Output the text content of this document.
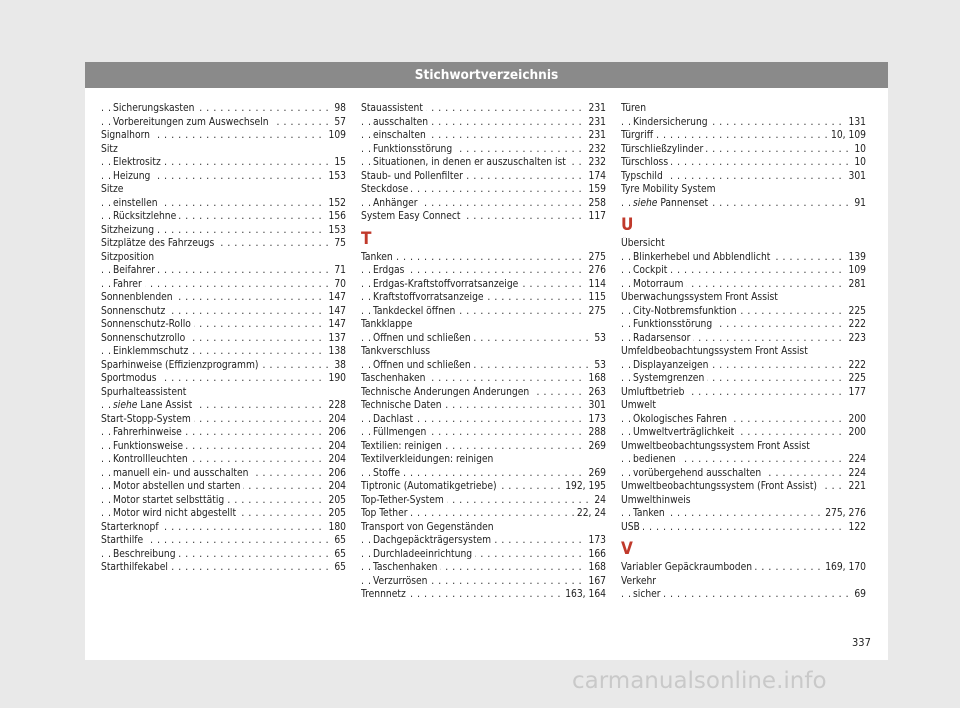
Stichwortverzeichnis
. . . Sicherungskasten	98
. . . Vorbereitungen zum Auswechseln	57
. . . Signalhorn	109
Sitz
. . . Elektrositz	15
. . . Heizung	153
Sitze
. . . einstellen	152
. . . Rücksitzlehne	156
. . . Sitzheizung	153
. . . Sitzplätze des Fahrzeugs	75
Sitzposition
. . . Beifahrer	71
. . . Fahrer	70
. . . Sonnenblenden	147
. . . Sonnenschutz	147
. . . Sonnenschutz-Rollo	147
. . . Sonnenschutzrollo	137
. . . Einklemmschutz	138
. . . Sparhinweise (Effizienzprogramm)	38
. . . Sportmodus	190
Spurhalteassistent
. . . siehe Lane Assist	228
. . . Start-Stopp-System	204
. . . Fahrerhinweise	206
. . . Funktionsweise	204
. . . Kontrollleuchten	204
. . . manuell ein- und ausschalten	206
. . . Motor abstellen und starten	204
. . . Motor startet selbsttätig	205
. . . Motor wird nicht abgestellt	205
. . . Starterknopf	180
. . . Starthilfe	65
. . . Beschreibung	65
. . . Starthilfekabel	65
. . . Stauassistent	231
. . . ausschalten	231
. . . einschalten	231
. . . Funktionsstörung	232
. . . Situationen, in denen er auszuschalten ist 232
. . . Staub- und Pollenfilter	174
. . . Steckdose	159
. . . Anhänger	258
. . . System Easy Connect	117
T
. . . Tanken	275
. . . Erdgas	276
. . . Erdgas-Kraftstoffvorratsanzeige	114
. . . Kraftstoffvorratsanzeige	115
. . . Tankdeckel öffnen	275
Tankklappe
. . . Öffnen und schließen	53
Tankverschluss
. . . Öffnen und schließen	53
. . . Taschenhaken	168
. . . Technische Änderungen Änderungen	263
. . . Technische Daten	301
. . . Dachlast	173
. . . Füllmengen	288
. . . Textilien: reinigen	269
Textilverkleidungen: reinigen
. . . Stoffe	269
. . . Tiptronic (Automatikgetriebe)	192, 195
. . . Top-Tether-System	24
. . . Top Tether	22, 24
Transport von Gegenständen
. . . Dachgepäckträgersystem	173
. . . Durchladeeinrichtung	166
. . . Taschenhaken	168
. . . Verzurrösen	167
. . . Trennnetz	163, 164
Türen
. . . Kindersicherung	131
. . . Türgriff	10, 109
. . . Türschließzylinder	10
. . . Türschloss	10
. . . Typschild	301
Tyre Mobility System
. . . siehe Pannenset	91
U
Übersicht
. . . Blinkerhebel und Abblendlicht	139
. . . Cockpit	109
. . . Motorraum	281
Überwachungssystem Front Assist
. . . City-Notbremsfunktion	225
. . . Funktionsstörung	222
. . . Radarsensor	223
Umfeldbeobachtungssystem Front Assist
. . . Displayanzeigen	222
. . . Systemgrenzen	225
. . . Umluftbetrieb	177
Umwelt
. . . Ökologisches Fahren	200
. . . Umweltverträglichkeit	200
Umweltbeobachtungssystem Front Assist
. . . bedienen	224
. . . vorübergehend ausschalten	224
. . . Umweltbeobachtungssystem (Front Assist)	221
Umwelthinweis
. . . Tanken	275, 276
. . . USB	122
V
. . . Variabler Gepäckraumboden	169, 170
Verkehr
. . . sicher	69
337
carmanualsonline.info
